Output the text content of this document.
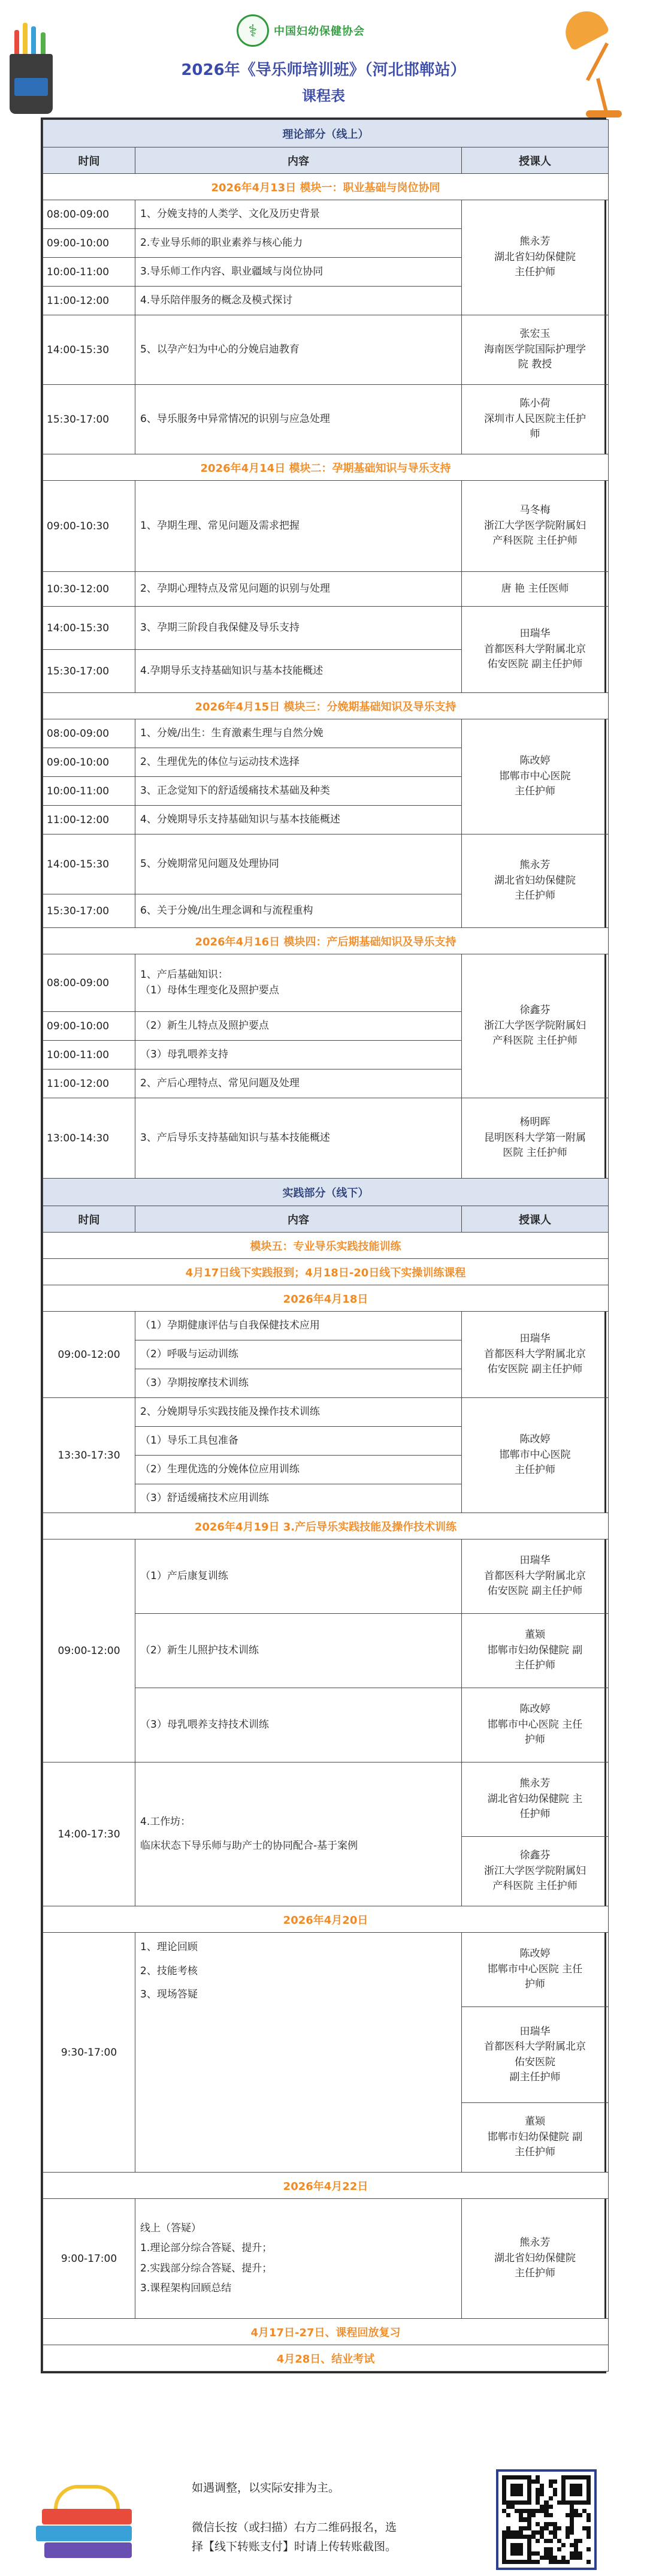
⚕	中国妇幼保健协会
2026年《导乐师培训班》（河北邯郸站）
课程表
理论部分（线上）		
时间	内容	授课人
2026年4月13日 模块一：职业基础与岗位协同		
08:00-09:00	1、分娩支持的人类学、文化及历史背景	熊永芳
湖北省妇幼保健院
主任护师

09:00-10:00	2.专业导乐师的职业素养与核心能力	
10:00-11:00	3.导乐师工作内容、职业疆域与岗位协同	
11:00-12:00	4.导乐陪伴服务的概念及模式探讨	
14:00-15:30	5、以孕产妇为中心的分娩启迪教育	张宏玉
海南医学院国际护理学
院 教授

15:30-17:00	6、导乐服务中异常情况的识别与应急处理	陈小荷
深圳市人民医院主任护
师

2026年4月14日 模块二：孕期基础知识与导乐支持		
09:00-10:30	1、孕期生理、常见问题及需求把握	马冬梅
浙江大学医学院附属妇
产科医院 主任护师

10:30-12:00	2、孕期心理特点及常见问题的识别与处理	唐 艳 主任医师
14:00-15:30	3、孕期三阶段自我保健及导乐支持	田瑞华
首都医科大学附属北京
佑安医院 副主任护师

15:30-17:00	4.孕期导乐支持基础知识与基本技能概述	
2026年4月15日 模块三：分娩期基础知识及导乐支持		
08:00-09:00	1、分娩/出生：生育激素生理与自然分娩	陈改婷
邯郸市中心医院
主任护师

09:00-10:00	2、生理优先的体位与运动技术选择	
10:00-11:00	3、正念觉知下的舒适缓痛技术基础及种类	
11:00-12:00	4、分娩期导乐支持基础知识与基本技能概述	
14:00-15:30	5、分娩期常见问题及处理协同	熊永芳
湖北省妇幼保健院
主任护师

15:30-17:00	6、关于分娩/出生理念调和与流程重构	
2026年4月16日 模块四：产后期基础知识及导乐支持		
08:00-09:00	1、产后基础知识：
（1）母体生理变化及照护要点	徐鑫芬
浙江大学医学院附属妇
产科医院 主任护师

09:00-10:00	（2）新生儿特点及照护要点	
10:00-11:00	（3）母乳喂养支持	
11:00-12:00	2、产后心理特点、常见问题及处理	
13:00-14:30	3、产后导乐支持基础知识与基本技能概述	杨明晖
昆明医科大学第一附属
医院 主任护师

实践部分（线下）		
时间	内容	授课人
模块五：专业导乐实践技能训练		
4月17日线下实践报到；4月18日-20日线下实操训练课程		
2026年4月18日		
09:00-12:00	（1）孕期健康评估与自我保健技术应用	田瑞华
首都医科大学附属北京
佑安医院 副主任护师

	（2）呼吸与运动训练	
	（3）孕期按摩技术训练	
13:30-17:30	2、分娩期导乐实践技能及操作技术训练	陈改婷
邯郸市中心医院
主任护师

	（1）导乐工具包准备	
	（2）生理优选的分娩体位应用训练	
	（3）舒适缓痛技术应用训练	
2026年4月19日 3.产后导乐实践技能及操作技术训练		
09:00-12:00	（1）产后康复训练	田瑞华
首都医科大学附属北京
佑安医院 副主任护师

	（2）新生儿照护技术训练	董颎
邯郸市妇幼保健院 副
主任护师

	（3）母乳喂养支持技术训练	陈改婷
邯郸市中心医院 主任
护师

14:00-17:30	4.工作坊：
临床状态下导乐师与助产士的协同配合-基于案例	熊永芳
湖北省妇幼保健院 主
任护师

		徐鑫芬
浙江大学医学院附属妇
产科医院 主任护师

2026年4月20日		
9:30-17:00	1、理论回顾
2、技能考核
3、现场答疑	陈改婷
邯郸市中心医院 主任
护师

		田瑞华
首都医科大学附属北京
佑安医院
副主任护师

		董颎
邯郸市妇幼保健院 副
主任护师

2026年4月22日		
9:00-17:00	线上（答疑）
1.理论部分综合答疑、提升；
2.实践部分综合答疑、提升；
3.课程架构回顾总结	熊永芳
湖北省妇幼保健院
主任护师

4月17日-27日、课程回放复习		
4月28日、结业考试		
如遇调整，以实际安排为主。
微信长按（或扫描）右方二维码报名，选
择【线下转账支付】时请上传转账截图。
